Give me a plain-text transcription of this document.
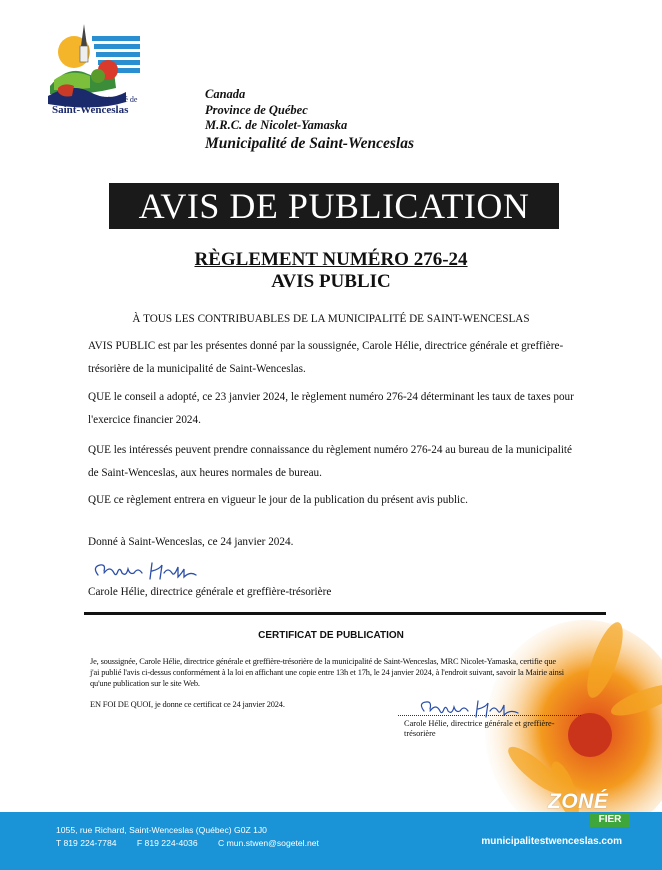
Municipalité de
Saint-Wenceslas
Canada
Province de Québec
M.R.C. de Nicolet-Yamaska
Municipalité de Saint-Wenceslas
AVIS DE PUBLICATION
RÈGLEMENT NUMÉRO 276-24
AVIS PUBLIC
À TOUS LES CONTRIBUABLES DE LA MUNICIPALITÉ DE SAINT-WENCESLAS
AVIS PUBLIC est par les présentes donné par la soussignée, Carole Hélie, directrice générale et greffière-
trésorière de la municipalité de Saint-Wenceslas.
QUE le conseil a adopté, ce 23 janvier 2024, le règlement numéro 276-24 déterminant les taux de taxes pour
l'exercice financier 2024.
QUE les intéressés peuvent prendre connaissance du règlement numéro 276-24 au bureau de la municipalité
de Saint-Wenceslas, aux heures normales de bureau.
QUE ce règlement entrera en vigueur le jour de la publication du présent avis public.
Donné à Saint-Wenceslas, ce 24 janvier 2024.
Carole Hélie, directrice générale et greffière-trésorière
CERTIFICAT DE PUBLICATION
Je, soussignée, Carole Hélie, directrice générale et greffière-trésorière de la municipalité de Saint-Wenceslas, MRC Nicolet-Yamaska, certifie que
j'ai publié l'avis ci-dessus conformément à la loi en affichant une copie entre 13h et 17h, le 24 janvier 2024, à l'endroit suivant, savoir la Mairie ainsi
qu'une publication sur le site Web.
EN FOI DE QUOI, je donne ce certificat ce 24 janvier 2024.
Carole Hélie, directrice générale et greffière-
trésorière
1055, rue Richard, Saint-Wenceslas (Québec) G0Z 1J0
T 819 224-7784 F 819 224-4036 C mun.stwen@sogetel.net	municipalitestwenceslas.com
ZONÉ
FIER
